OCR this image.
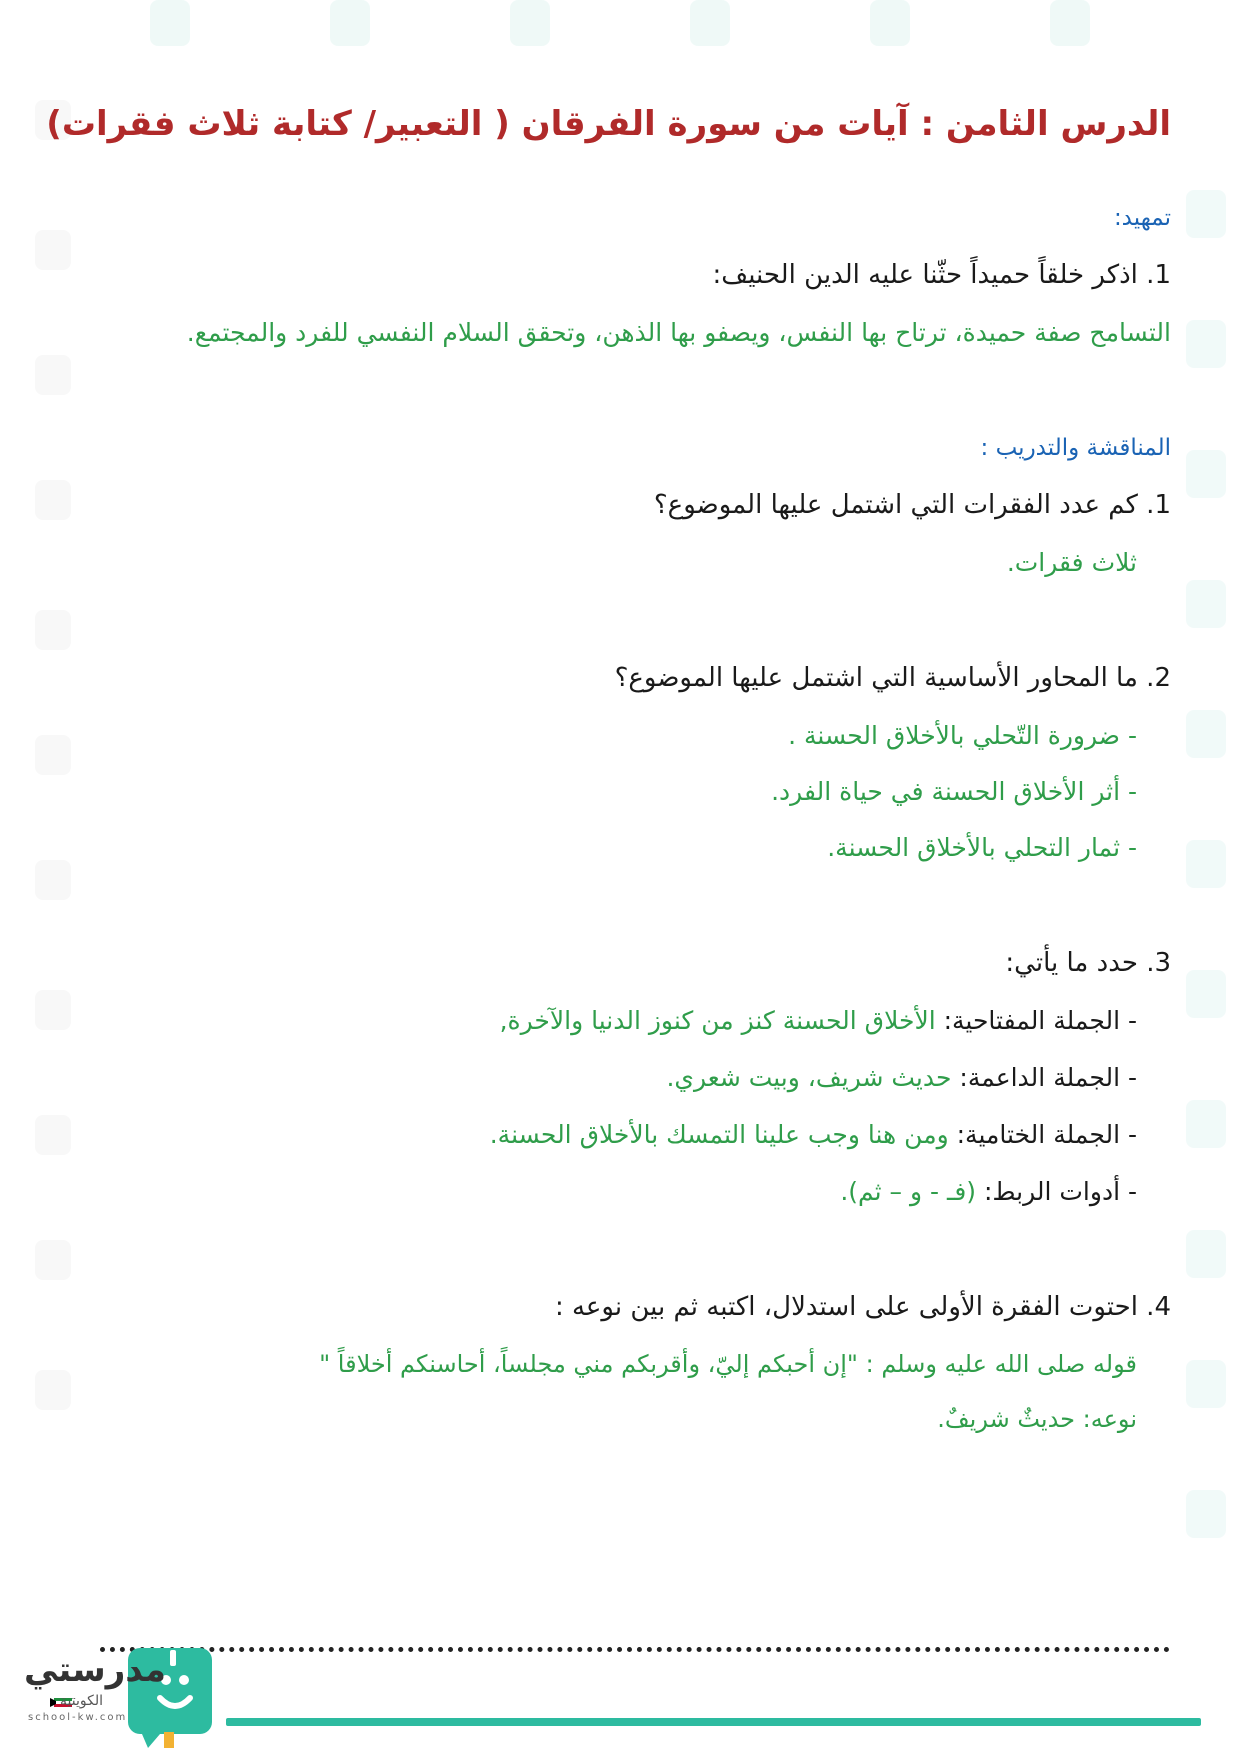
الدرس الثامن : آيات من سورة الفرقان ( التعبير/ كتابة ثلاث فقرات)
تمهيد:
1. اذكر خلقاً حميداً حثّنا عليه الدين الحنيف:
التسامح صفة حميدة، ترتاح بها النفس، ويصفو بها الذهن، وتحقق السلام النفسي للفرد والمجتمع.
المناقشة والتدريب :
1. كم عدد الفقرات التي اشتمل عليها الموضوع؟
ثلاث فقرات.
2. ما المحاور الأساسية التي اشتمل عليها الموضوع؟
- ضرورة التّحلي بالأخلاق الحسنة .
- أثر الأخلاق الحسنة في حياة الفرد.
- ثمار التحلي بالأخلاق الحسنة.
3. حدد ما يأتي:
- الجملة المفتاحية: الأخلاق الحسنة كنز من كنوز الدنيا والآخرة,
- الجملة الداعمة: حديث شريف، وبيت شعري.
- الجملة الختامية: ومن هنا وجب علينا التمسك بالأخلاق الحسنة.
- أدوات الربط: (فـ - و – ثم).
4. احتوت الفقرة الأولى على استدلال، اكتبه ثم بين نوعه :
قوله صلى الله عليه وسلم : "إن أحبكم إليّ، وأقربكم مني مجلساً، أحاسنكم أخلاقاً "
نوعه: حديثٌ شريفٌ.
مدرستي
الكويتية
school-kw.com
